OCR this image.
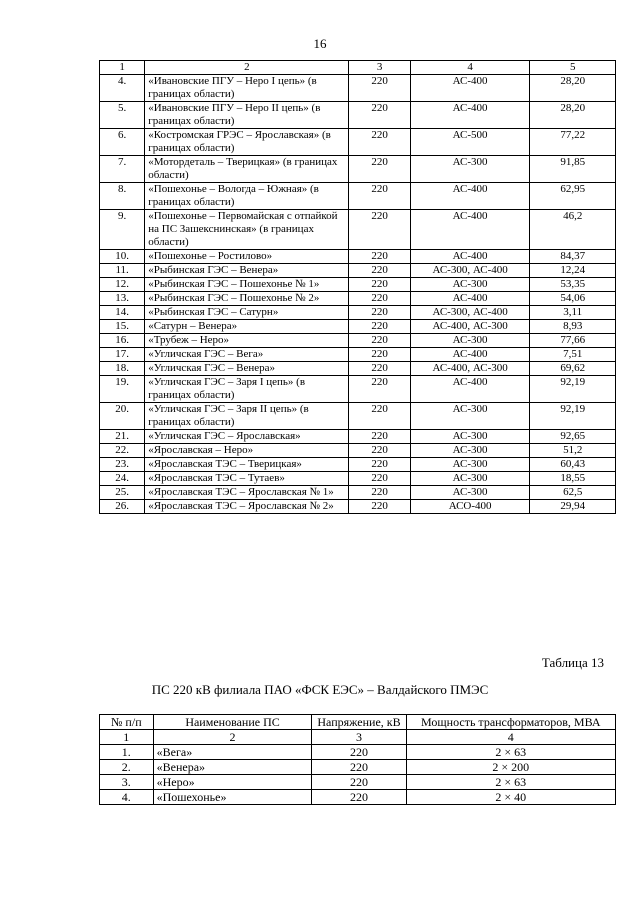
16
1	2	3	4	5
4.	«Ивановские ПГУ – Неро I цепь» (в границах области)	220	АС-400	28,20
5.	«Ивановские ПГУ – Неро II цепь» (в границах области)	220	АС-400	28,20
6.	«Костромская ГРЭС – Ярославская» (в границах области)	220	АС-500	77,22
7.	«Мотордеталь – Тверицкая» (в границах области)	220	АС-300	91,85
8.	«Пошехонье – Вологда – Южная» (в границах области)	220	АС-400	62,95
9.	«Пошехонье – Первомайская с отпайкой на ПС Зашекснинская» (в границах области)	220	АС-400	46,2
10.	«Пошехонье – Ростилово»	220	АС-400	84,37
11.	«Рыбинская ГЭС – Венера»	220	АС-300, АС-400	12,24
12.	«Рыбинская ГЭС – Пошехонье № 1»	220	АС-300	53,35
13.	«Рыбинская ГЭС – Пошехонье № 2»	220	АС-400	54,06
14.	«Рыбинская ГЭС – Сатурн»	220	АС-300, АС-400	3,11
15.	«Сатурн – Венера»	220	АС-400, АС-300	8,93
16.	«Трубеж – Неро»	220	АС-300	77,66
17.	«Угличская ГЭС – Вега»	220	АС-400	7,51
18.	«Угличская ГЭС – Венера»	220	АС-400, АС-300	69,62
19.	«Угличская ГЭС – Заря I цепь» (в границах области)	220	АС-400	92,19
20.	«Угличская ГЭС – Заря II цепь» (в границах области)	220	АС-300	92,19
21.	«Угличская ГЭС – Ярославская»	220	АС-300	92,65
22.	«Ярославская – Неро»	220	АС-300	51,2
23.	«Ярославская ТЭС – Тверицкая»	220	АС-300	60,43
24.	«Ярославская ТЭС – Тутаев»	220	АС-300	18,55
25.	«Ярославская ТЭС – Ярославская № 1»	220	АС-300	62,5
26.	«Ярославская ТЭС – Ярославская № 2»	220	АСО-400	29,94
Таблица 13
ПС 220 кВ филиала ПАО «ФСК ЕЭС» – Валдайского ПМЭС
№ п/п	Наименование ПС	Напряжение, кВ	Мощность трансформаторов, МВА
1	2	3	4
1.	«Вега»	220	2 × 63
2.	«Венера»	220	2 × 200
3.	«Неро»	220	2 × 63
4.	«Пошехонье»	220	2 × 40
